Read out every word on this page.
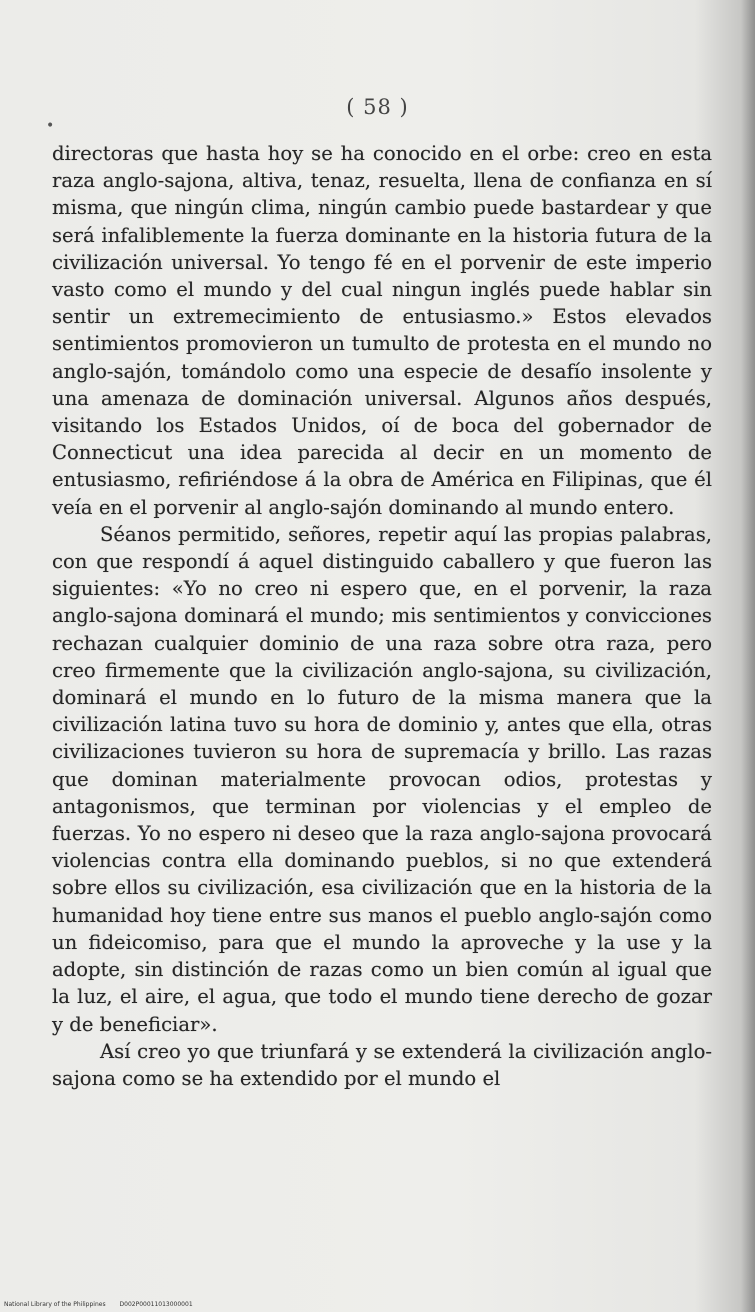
•
( 58 )

directoras que hasta hoy se ha conocido en el orbe: creo en esta raza anglo-sajona, altiva, tenaz, resuelta, llena de confianza en sí misma, que ningún clima, ningún cambio puede bastardear y que será infaliblemente la fuerza dominante en la historia futura de la civilización universal. Yo tengo fé en el porvenir de este imperio vasto como el mundo y del cual ningun inglés puede hablar sin sentir un extremecimiento de entusiasmo.» Estos elevados sentimientos promovieron un tumulto de protesta en el mundo no anglo-sajón, tomándolo como una especie de desafío insolente y una amenaza de dominación universal. Algunos años después, visitando los Estados Unidos, oí de boca del gobernador de Connecticut una idea parecida al decir en un momento de entusiasmo, refiriéndose á la obra de América en Filipinas, que él veía en el porvenir al anglo-sajón dominando al mundo entero.

Séanos permitido, señores, repetir aquí las propias palabras, con que respondí á aquel distinguido caballero y que fueron las siguientes: «Yo no creo ni espero que, en el porvenir, la raza anglo-sajona dominará el mundo; mis sentimientos y convicciones rechazan cualquier dominio de una raza sobre otra raza, pero creo firmemente que la civilización anglo-sajona, su civilización, dominará el mundo en lo futuro de la misma manera que la civilización latina tuvo su hora de dominio y, antes que ella, otras civilizaciones tuvieron su hora de supremacía y brillo. Las razas que dominan materialmente provocan odios, protestas y antagonismos, que terminan por violencias y el empleo de fuerzas. Yo no espero ni deseo que la raza anglo-sajona provocará violencias contra ella dominando pueblos, si no que extenderá sobre ellos su civilización, esa civilización que en la historia de la humanidad hoy tiene entre sus manos el pueblo anglo-sajón como un fideicomiso, para que el mundo la aproveche y la use y la adopte, sin distinción de razas como un bien común al igual que la luz, el aire, el agua, que todo el mundo tiene derecho de gozar y de beneficiar».

Así creo yo que triunfará y se extenderá la civilización anglo-sajona como se ha extendido por el mundo el

National Library of the Philippines D002P00011013000001
